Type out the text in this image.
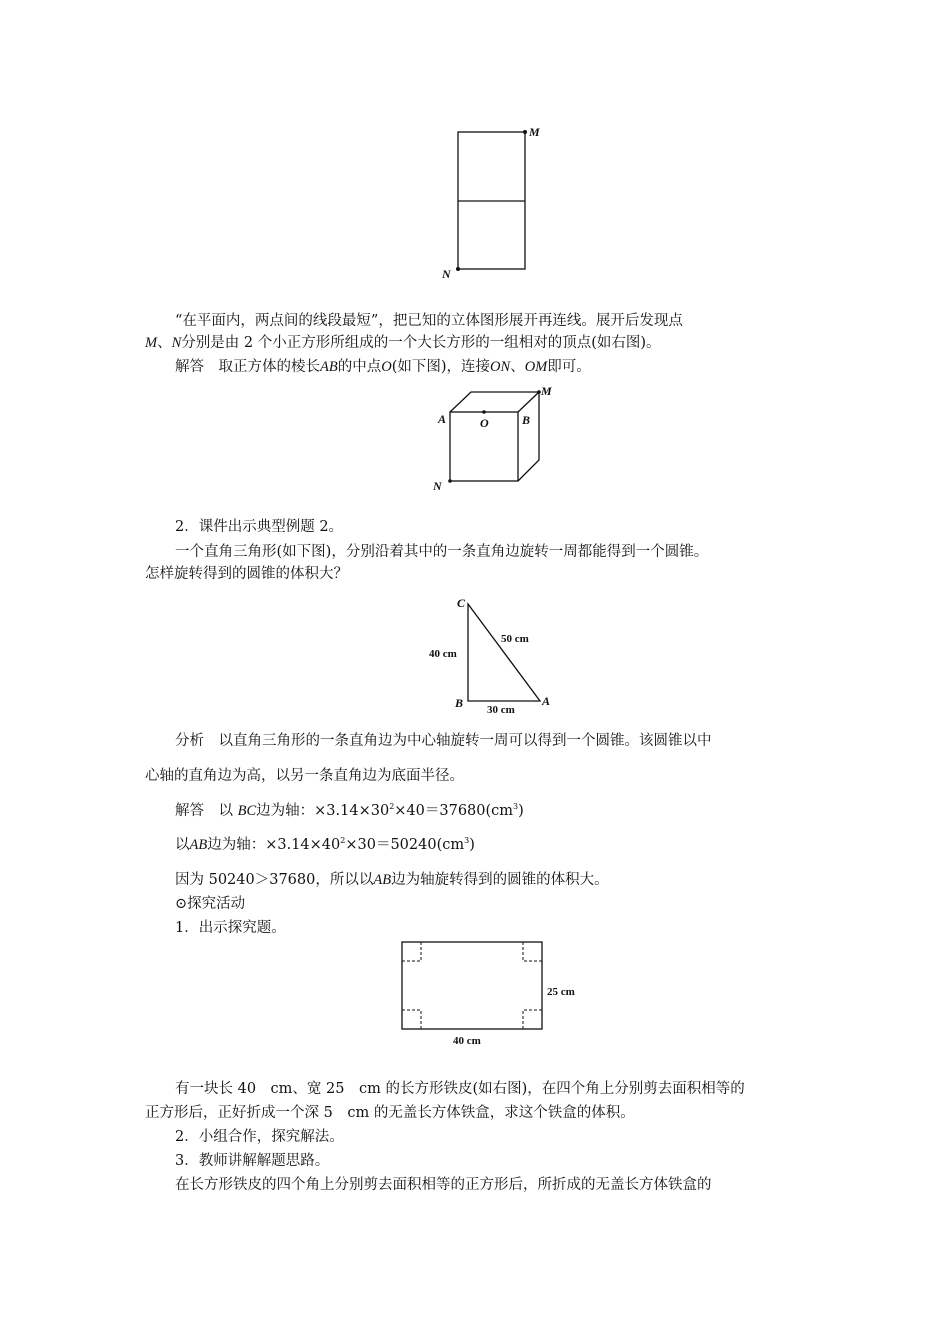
M
N

“在平面内，两点间的线段最短”，把已知的立体图形展开再连线。展开后发现点

M、N分别是由 2 个小正方形所组成的一个大长方形的一组相对的顶点(如右图)。

解答　取正方体的棱长AB的中点O(如下图)，连接ON、OM即可。

A	O	B
M
N

2．课件出示典型例题 2。

一个直角三角形(如下图)，分别沿着其中的一条直角边旋转一周都能得到一个圆锥。

怎样旋转得到的圆锥的体积大？

C
B	A
40 cm
50 cm
30 cm

分析　以直角三角形的一条直角边为中心轴旋转一周可以得到一个圆锥。该圆锥以中

心轴的直角边为高，以另一条直角边为底面半径。

解答　以 BC边为轴：$\times 3.14\times 30^2\times 40=37680(cm^3)$

以AB边为轴：$\times 3.14\times 40^2\times 30=50240(cm^3)$

因为 50240＞37680，所以以AB边为轴旋转得到的圆锥的体积大。

⊙探究活动

1．出示探究题。

25 cm
40 cm

有一块长 40　cm、宽 25　cm 的长方形铁皮(如右图)，在四个角上分别剪去面积相等的

正方形后，正好折成一个深 5　cm 的无盖长方体铁盒，求这个铁盒的体积。

2．小组合作，探究解法。

3．教师讲解解题思路。

在长方形铁皮的四个角上分别剪去面积相等的正方形后，所折成的无盖长方体铁盒的
